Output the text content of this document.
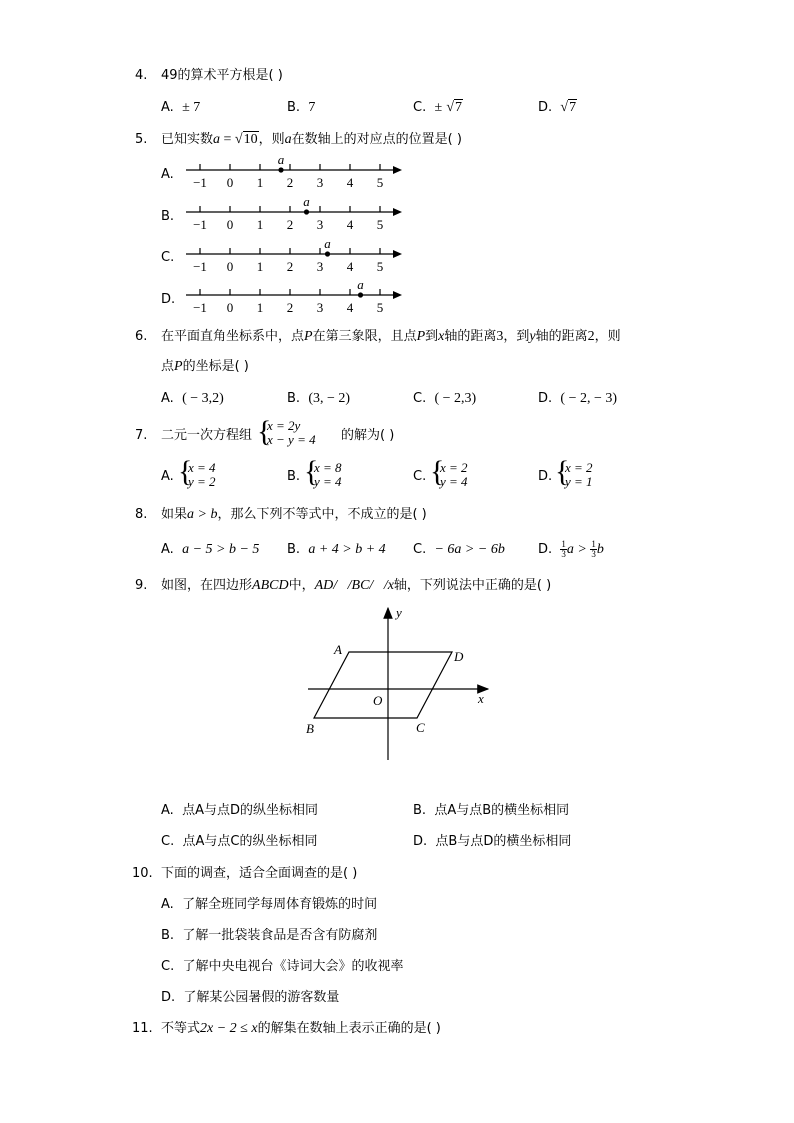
4. 49的算术平方根是( )
A. ± 7	B. 7	C. ± √7	D. √7
5. 已知实数a = √10，则a在数轴上的对应点的位置是( )
A.
B.
C.
D.
−1 0 1 2 3 4 5
a
−1 0 1 2 3 4 5
a
−1 0 1 2 3 4 5
a
−1 0 1 2 3 4 5
a
6. 在平面直角坐标系中，点P在第三象限，且点P到x轴的距离3，到y轴的距离2，则
点P的坐标是( )
A. ( − 3,2)	B. (3, − 2)	C. ( − 2,3)	D. ( − 2, − 3)
7. 二元一次方程组 {
x = 2y
x − y = 4 的解为( )
A. {
x = 4
y = 2	B. {
x = 8
y = 4	C. {
x = 2
y = 4	D. {
x = 2
y = 1
8. 如果a > b，那么下列不等式中，不成立的是( )
A. a − 5 > b − 5 B. a + 4 > b + 4 C. − 6a > − 6b	D. $\frac{1}{3}$ $a > \frac{1}{3}$ b
9. 如图，在四边形ABCD中，AD/   /BC/   /x轴，下列说法中正确的是( )
y
x
A	D
O
B	C
A. 点A与点D的纵坐标相同	B. 点A与点B的横坐标相同
C. 点A与点C的纵坐标相同	D. 点B与点D的横坐标相同
10. 下面的调查，适合全面调查的是( )
A. 了解全班同学每周体育锻炼的时间
B. 了解一批袋装食品是否含有防腐剂
C. 了解中央电视台《诗词大会》的收视率
D. 了解某公园暑假的游客数量
11. 不等式2x − 2 ≤ x的解集在数轴上表示正确的是( )
